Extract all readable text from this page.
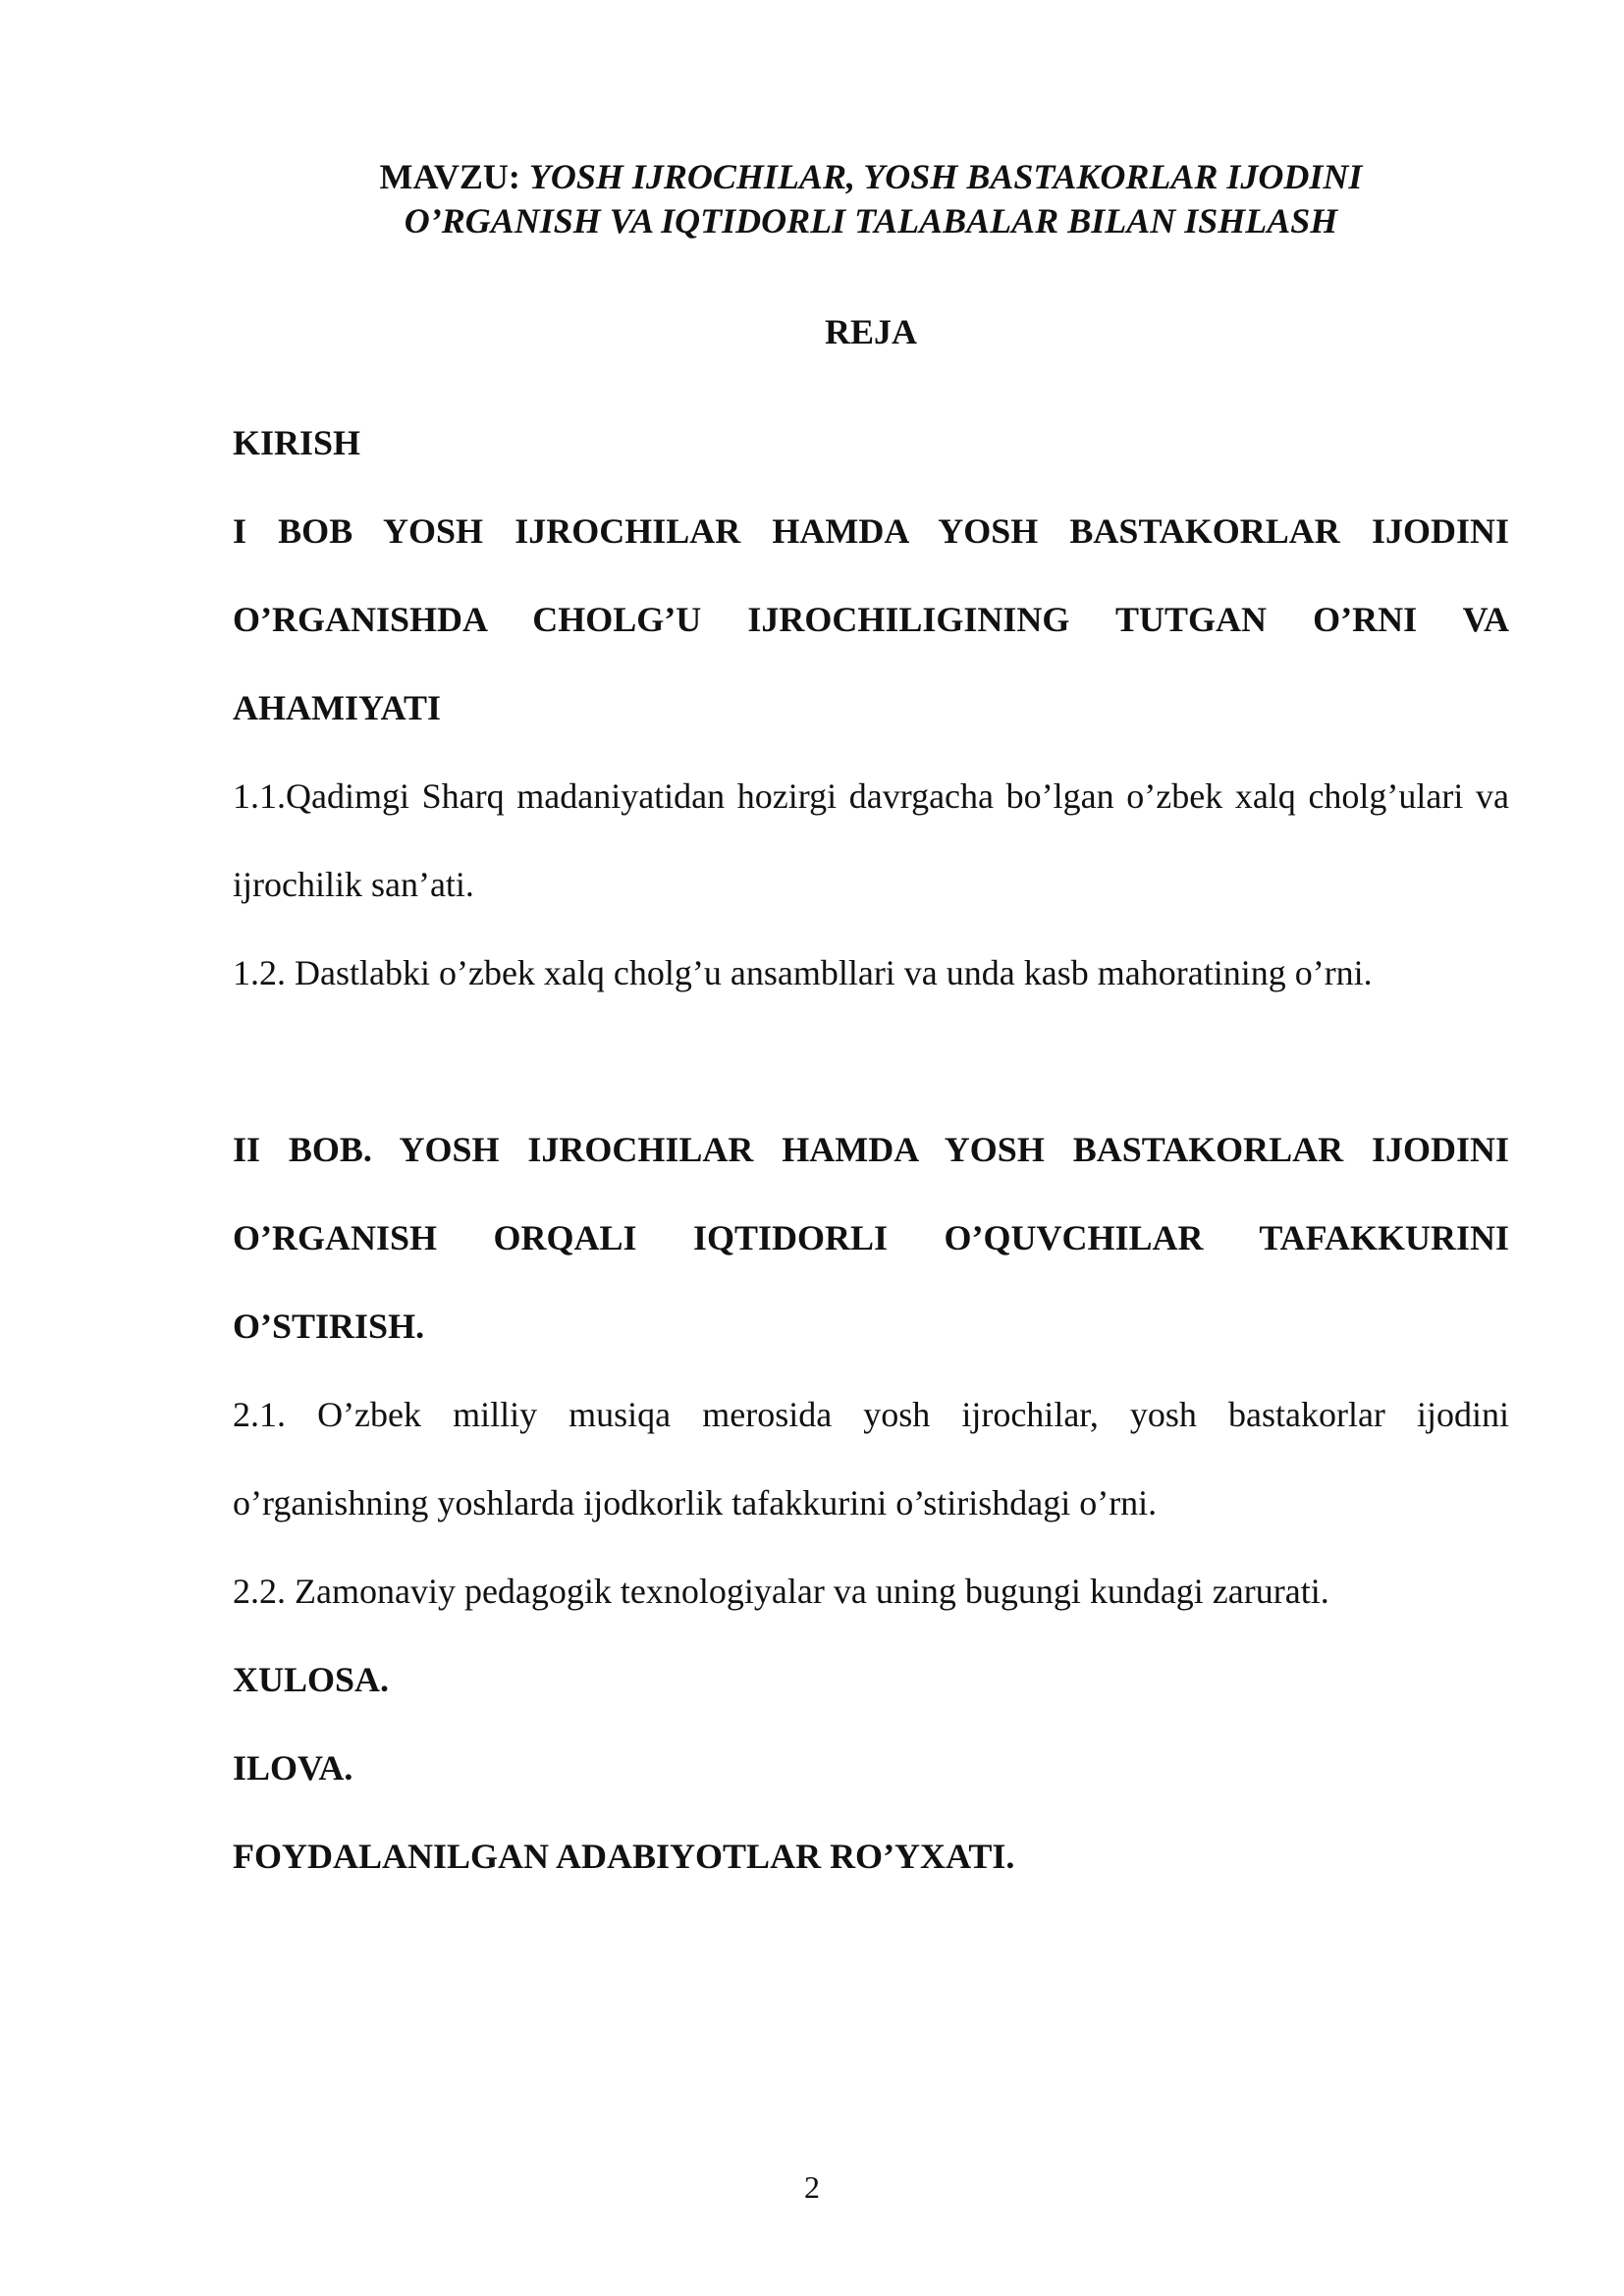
MAVZU: YOSH IJROCHILAR, YOSH BASTAKORLAR IJODINI
O’RGANISH VA IQTIDORLI TALABALAR BILAN ISHLASH
REJA

KIRISH

I BOB YOSH IJROCHILAR HAMDA YOSH BASTAKORLAR IJODINI O’RGANISHDA CHOLG’U IJROCHILIGINING TUTGAN O’RNI VA AHAMIYATI

1.1.Qadimgi Sharq madaniyatidan hozirgi davrgacha bo’lgan o’zbek xalq cholg’ulari va ijrochilik san’ati.

1.2. Dastlabki o’zbek xalq cholg’u ansambllari va unda kasb mahoratining o’rni.

II BOB. YOSH IJROCHILAR HAMDA YOSH BASTAKORLAR IJODINI O’RGANISH ORQALI IQTIDORLI O’QUVCHILAR TAFAKKURINI O’STIRISH.

2.1. O’zbek milliy musiqa merosida yosh ijrochilar, yosh bastakorlar ijodini o’rganishning yoshlarda ijodkorlik tafakkurini o’stirishdagi o’rni.

2.2. Zamonaviy pedagogik texnologiyalar va uning bugungi kundagi zarurati.

XULOSA.

ILOVA.

FOYDALANILGAN ADABIYOTLAR RO’YXATI.

2
